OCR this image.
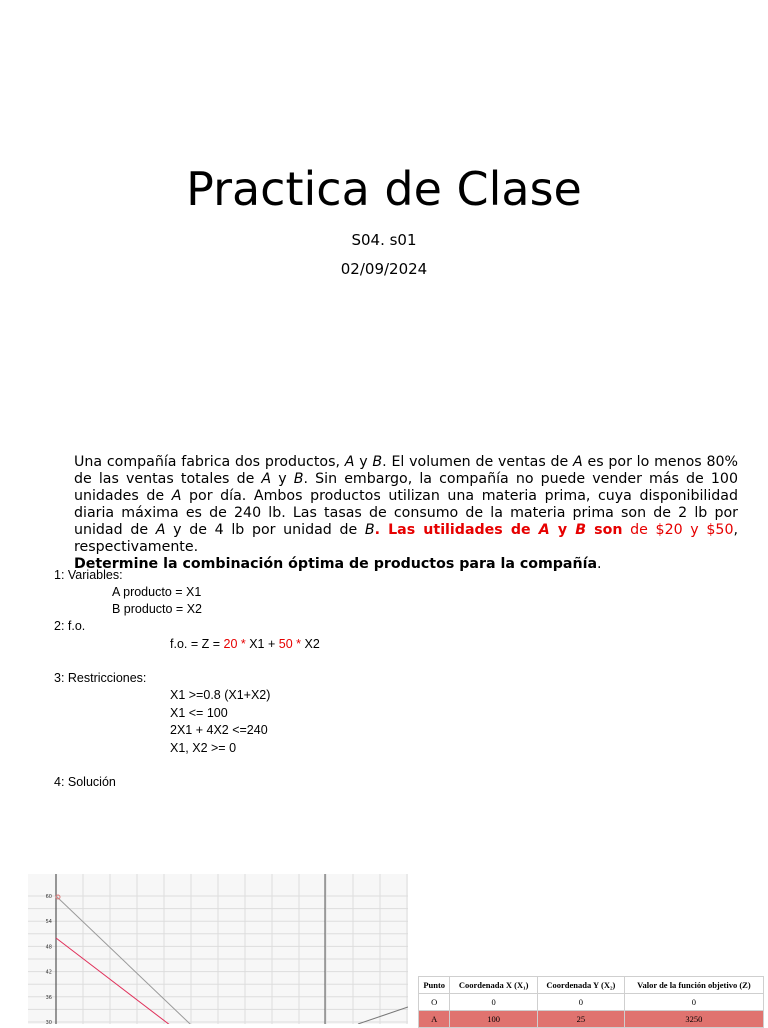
Practica de Clase
S04. s01
02/09/2024
Una compañía fabrica dos productos, A y B. El volumen de ventas de A es por lo menos 80% de las ventas totales de A y B. Sin embargo, la compañía no puede vender más de 100 unidades de A por día. Ambos productos utilizan una materia prima, cuya disponibilidad diaria máxima es de 240 lb. Las tasas de consumo de la materia prima son de 2 lb por unidad de A y de 4 lb por unidad de B. Las utilidades de A y B son de $20 y $50, respectivamente.
Determine la combinación óptima de productos para la compañía.
1: Variables:
A producto = X1
B producto = X2
2: f.o.
f.o. = Z = 20 * X1 + 50 * X2
3: Restricciones:
X1 >=0.8 (X1+X2)
X1 <= 100
2X1 + 4X2 <=240
X1, X2 >= 0
4: Solución
60
54
48
42
36
30
Punto	Coordenada X (X₁)	Coordenada Y (X₂)	Valor de la función objetivo (Z)
O	0	0	0
A	100	25	3250
